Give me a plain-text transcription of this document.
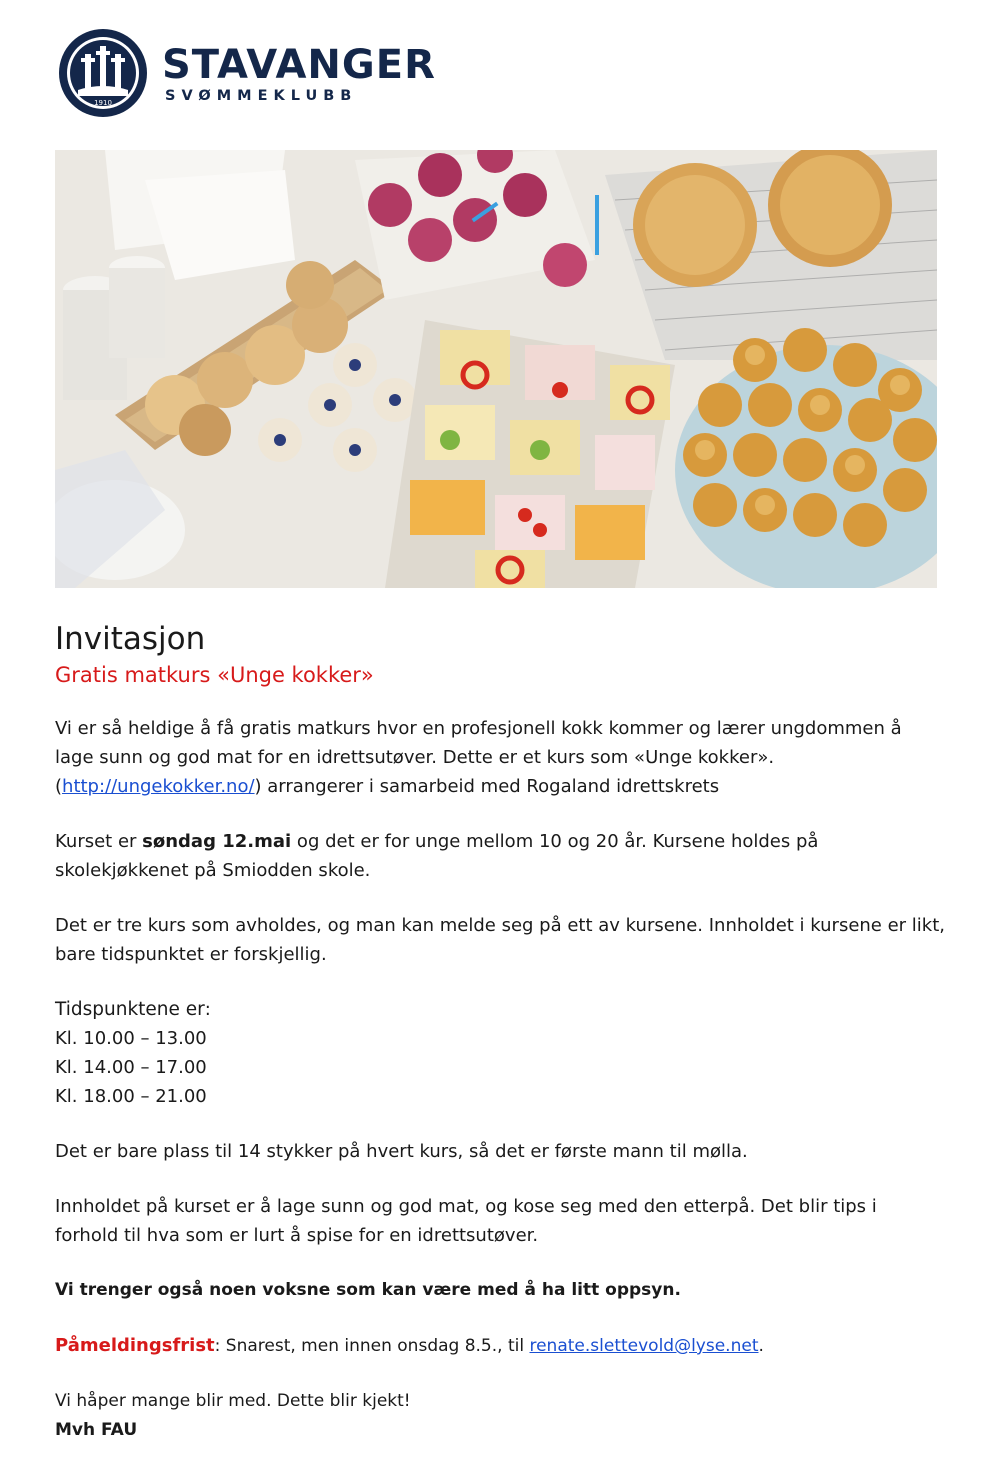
1910
STAVANGER
SVØMMEKLUBB
Invitasjon
Gratis matkurs «Unge kokker»

Vi er så heldige å få gratis matkurs hvor en profesjonell kokk kommer og lærer ungdommen å lage sunn og god mat for en idrettsutøver. Dette er et kurs som «Unge kokker».
(http://ungekokker.no/) arrangerer i samarbeid med Rogaland idrettskrets

Kurset er søndag 12.mai og det er for unge mellom 10 og 20 år. Kursene holdes på skolekjøkkenet på Smiodden skole.

Det er tre kurs som avholdes, og man kan melde seg på ett av kursene. Innholdet i kursene er likt, bare tidspunktet er forskjellig.

Tidspunktene er:
Kl. 10.00 – 13.00
Kl. 14.00 – 17.00
Kl. 18.00 – 21.00

Det er bare plass til 14 stykker på hvert kurs, så det er første mann til mølla.

Innholdet på kurset er å lage sunn og god mat, og kose seg med den etterpå. Det blir tips i forhold til hva som er lurt å spise for en idrettsutøver.

Vi trenger også noen voksne som kan være med å ha litt oppsyn.

Påmeldingsfrist: Snarest, men innen onsdag 8.5., til renate.slettevold@lyse.net.

Vi håper mange blir med. Dette blir kjekt!

Mvh FAU
